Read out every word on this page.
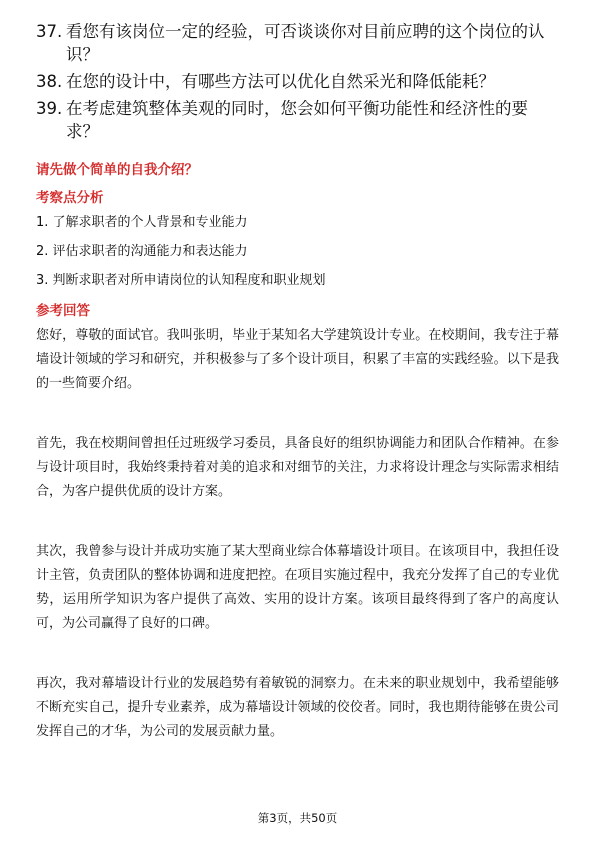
37. 看您有该岗位一定的经验，可否谈谈你对目前应聘的这个岗位的认识？
38. 在您的设计中，有哪些方法可以优化自然采光和降低能耗？
39. 在考虑建筑整体美观的同时，您会如何平衡功能性和经济性的要求？
请先做个简单的自我介绍？
考察点分析
1. 了解求职者的个人背景和专业能力
2. 评估求职者的沟通能力和表达能力
3. 判断求职者对所申请岗位的认知程度和职业规划
参考回答

您好，尊敬的面试官。我叫张明，毕业于某知名大学建筑设计专业。在校期间，我专注于幕墙设计领域的学习和研究，并积极参与了多个设计项目，积累了丰富的实践经验。以下是我的一些简要介绍。

首先，我在校期间曾担任过班级学习委员，具备良好的组织协调能力和团队合作精神。在参与设计项目时，我始终秉持着对美的追求和对细节的关注，力求将设计理念与实际需求相结合，为客户提供优质的设计方案。

其次，我曾参与设计并成功实施了某大型商业综合体幕墙设计项目。在该项目中，我担任设计主管，负责团队的整体协调和进度把控。在项目实施过程中，我充分发挥了自己的专业优势，运用所学知识为客户提供了高效、实用的设计方案。该项目最终得到了客户的高度认可，为公司赢得了良好的口碑。

再次，我对幕墙设计行业的发展趋势有着敏锐的洞察力。在未来的职业规划中，我希望能够不断充实自己，提升专业素养，成为幕墙设计领域的佼佼者。同时，我也期待能够在贵公司发挥自己的才华，为公司的发展贡献力量。

第3页，共50页
